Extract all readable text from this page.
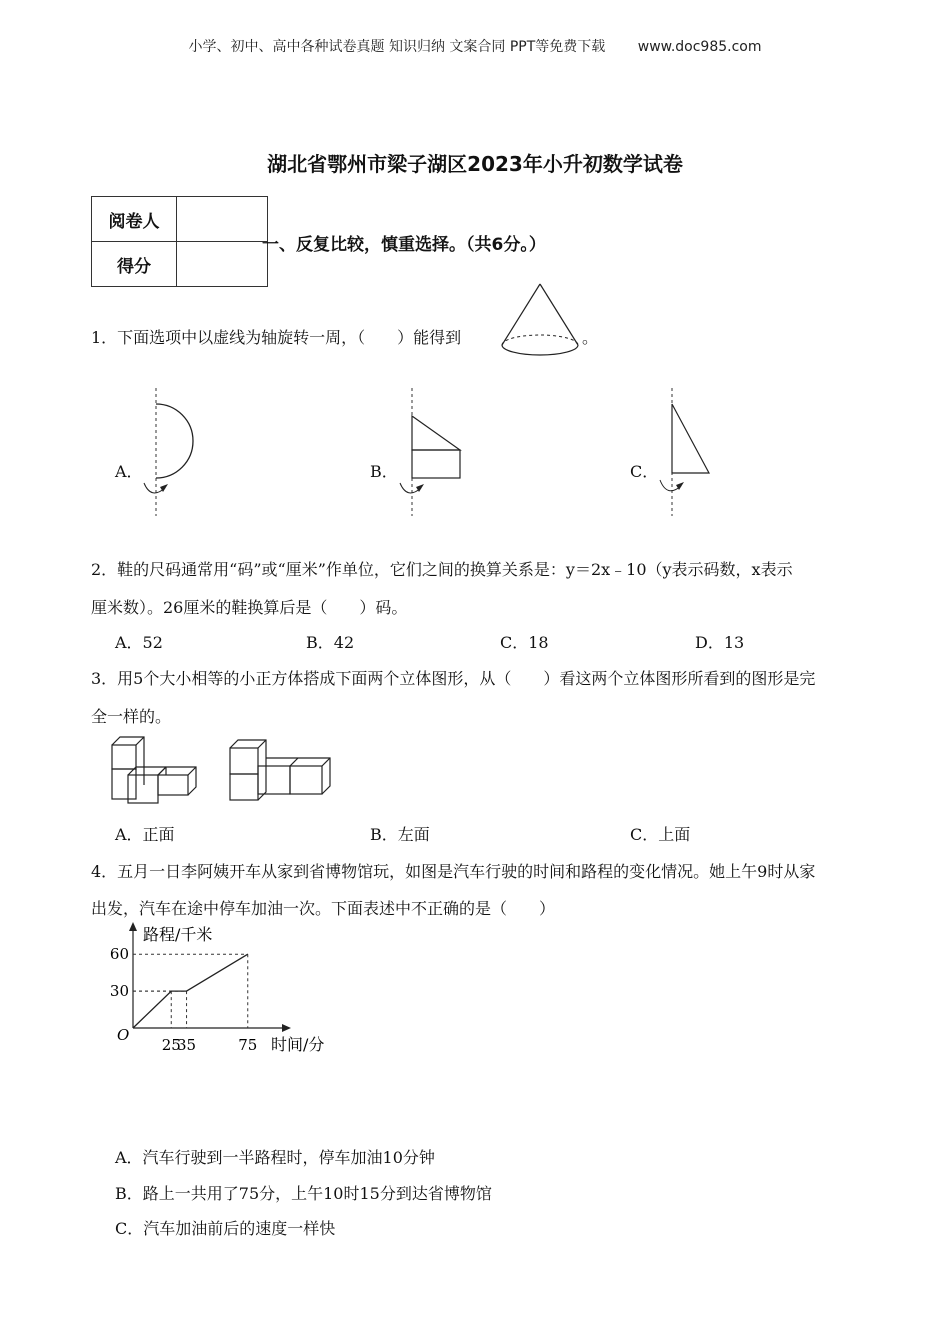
小学、初中、高中各种试卷真题 知识归纳 文案合同 PPT等免费下载 www.doc985.com
湖北省鄂州市梁子湖区2023年小升初数学试卷
阅卷人	
得分	
一、反复比较，慎重选择。（共6分。）
1．下面选项中以虚线为轴旋转一周，（　　）能得到	。
A．	B．	C．
2．鞋的尺码通常用“码”或“厘米”作单位，它们之间的换算关系是：y＝2x﹣10（y表示码数，x表示
厘米数）。26厘米的鞋换算后是（　　）码。
A．52	B．42	C．18	D．13
3．用5个大小相等的小正方体搭成下面两个立体图形，从（　　）看这两个立体图形所看到的图形是完
全一样的。
A．正面	B．左面	C．上面
4．五月一日李阿姨开车从家到省博物馆玩，如图是汽车行驶的时间和路程的变化情况。她上午9时从家
出发，汽车在途中停车加油一次。下面表述中不正确的是（　　）
路程/千米
时间/分
O
25
35	75
30
60
A．汽车行驶到一半路程时，停车加油10分钟
B．路上一共用了75分，上午10时15分到达省博物馆
C．汽车加油前后的速度一样快
